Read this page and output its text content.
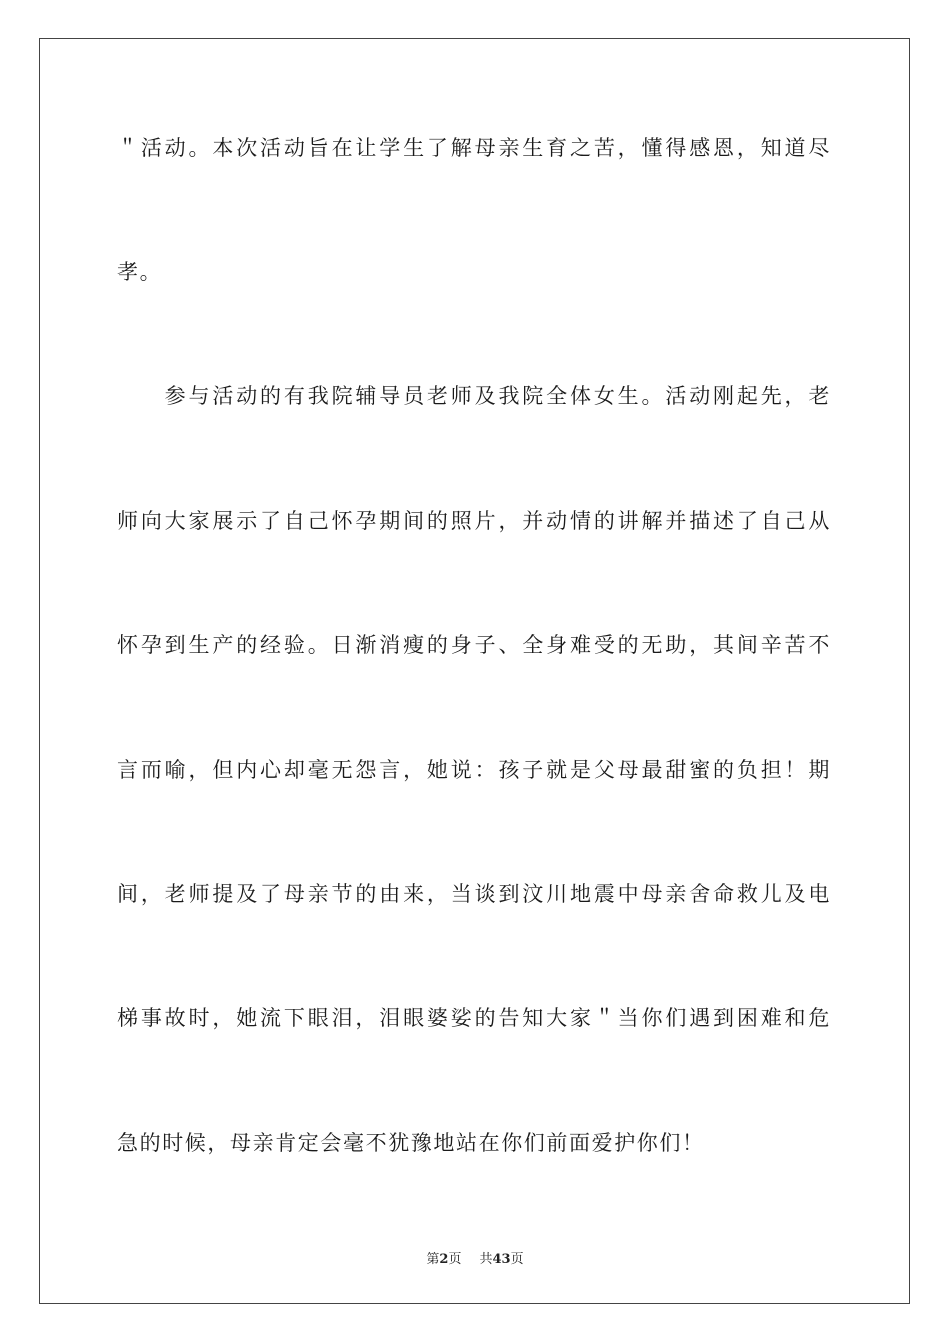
＂活动。本次活动旨在让学生了解母亲生育之苦，懂得感恩，知道尽
孝。
　　参与活动的有我院辅导员老师及我院全体女生。活动刚起先，老
师向大家展示了自己怀孕期间的照片，并动情的讲解并描述了自己从
怀孕到生产的经验。日渐消瘦的身子、全身难受的无助，其间辛苦不
言而喻，但内心却毫无怨言，她说：孩子就是父母最甜蜜的负担！期
间，老师提及了母亲节的由来，当谈到汶川地震中母亲舍命救儿及电
梯事故时，她流下眼泪，泪眼婆娑的告知大家＂当你们遇到困难和危
急的时候，母亲肯定会毫不犹豫地站在你们前面爱护你们！
第2页 共43页
